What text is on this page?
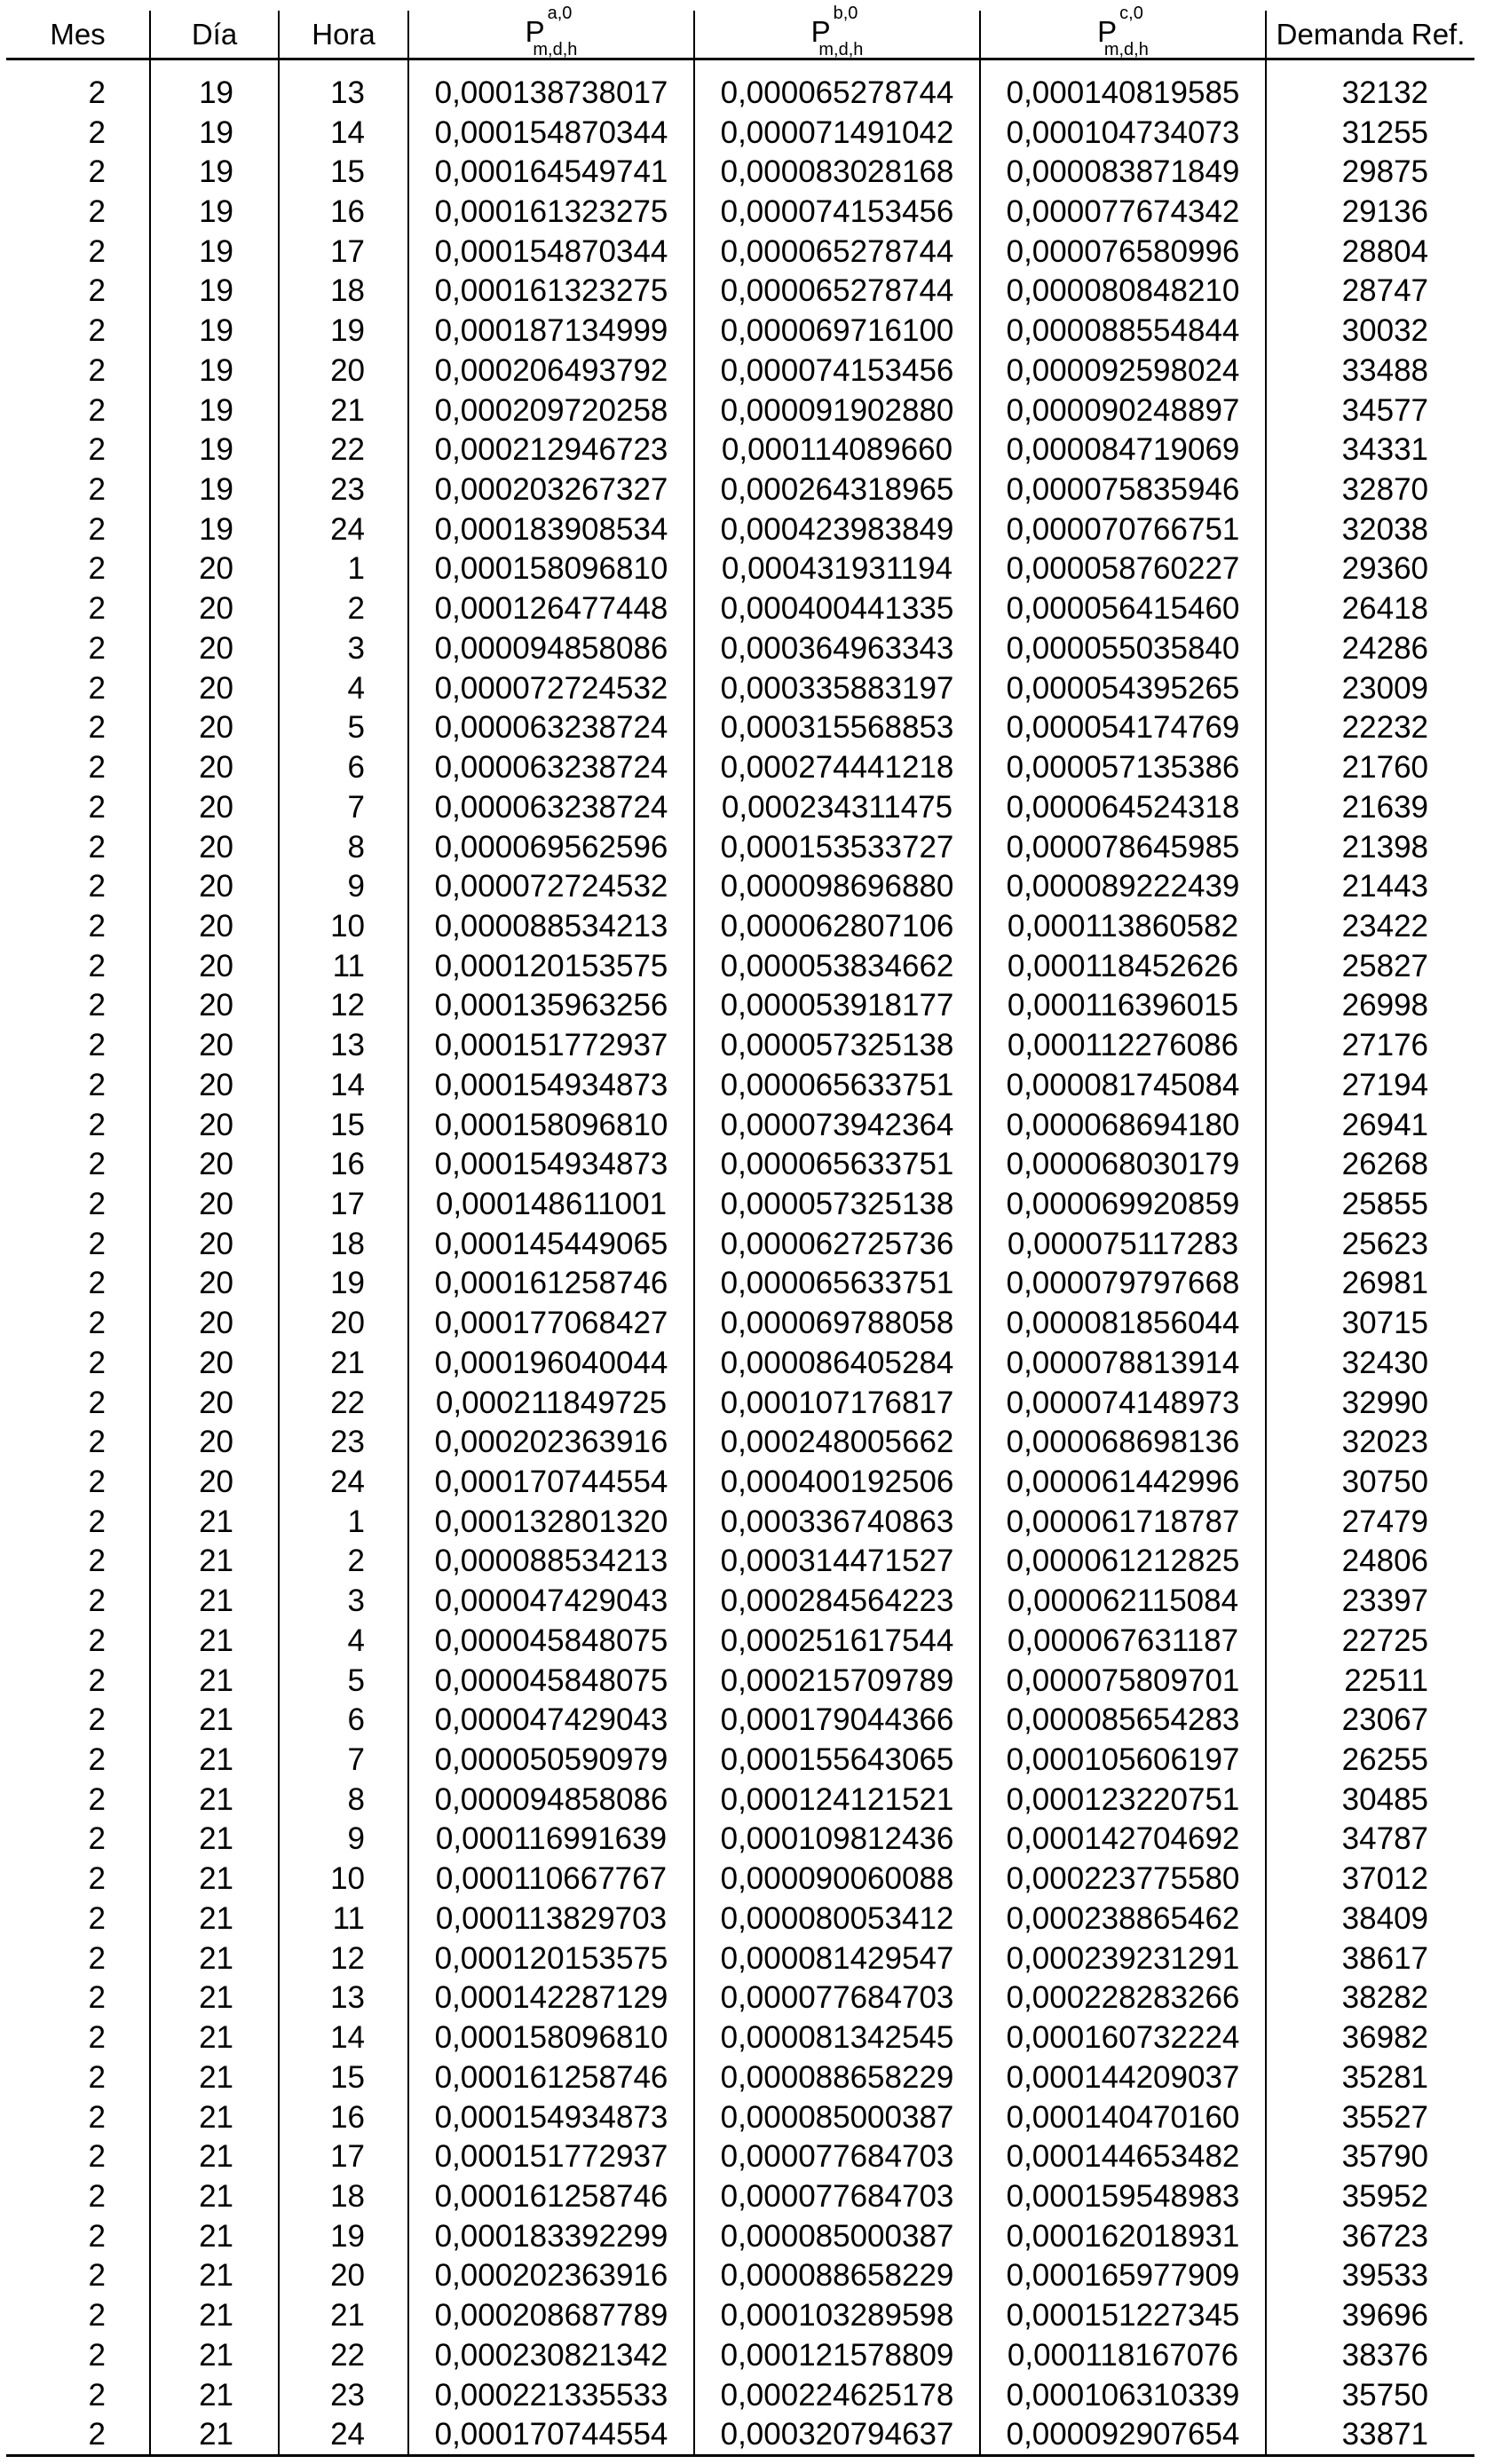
Mes	Día	Hora	P$^{a,0}_{m,d,h}$	P$^{b,0}_{m,d,h}$	P$^{c,0}_{m,d,h}$	Demanda Ref.

2	19	13	0,000138738017	0,000065278744	0,000140819585	32132
2	19	14	0,000154870344	0,000071491042	0,000104734073	31255
2	19	15	0,000164549741	0,000083028168	0,000083871849	29875
2	19	16	0,000161323275	0,000074153456	0,000077674342	29136
2	19	17	0,000154870344	0,000065278744	0,000076580996	28804
2	19	18	0,000161323275	0,000065278744	0,000080848210	28747
2	19	19	0,000187134999	0,000069716100	0,000088554844	30032
2	19	20	0,000206493792	0,000074153456	0,000092598024	33488
2	19	21	0,000209720258	0,000091902880	0,000090248897	34577
2	19	22	0,000212946723	0,000114089660	0,000084719069	34331
2	19	23	0,000203267327	0,000264318965	0,000075835946	32870
2	19	24	0,000183908534	0,000423983849	0,000070766751	32038
2	20	1	0,000158096810	0,000431931194	0,000058760227	29360
2	20	2	0,000126477448	0,000400441335	0,000056415460	26418
2	20	3	0,000094858086	0,000364963343	0,000055035840	24286
2	20	4	0,000072724532	0,000335883197	0,000054395265	23009
2	20	5	0,000063238724	0,000315568853	0,000054174769	22232
2	20	6	0,000063238724	0,000274441218	0,000057135386	21760
2	20	7	0,000063238724	0,000234311475	0,000064524318	21639
2	20	8	0,000069562596	0,000153533727	0,000078645985	21398
2	20	9	0,000072724532	0,000098696880	0,000089222439	21443
2	20	10	0,000088534213	0,000062807106	0,000113860582	23422
2	20	11	0,000120153575	0,000053834662	0,000118452626	25827
2	20	12	0,000135963256	0,000053918177	0,000116396015	26998
2	20	13	0,000151772937	0,000057325138	0,000112276086	27176
2	20	14	0,000154934873	0,000065633751	0,000081745084	27194
2	20	15	0,000158096810	0,000073942364	0,000068694180	26941
2	20	16	0,000154934873	0,000065633751	0,000068030179	26268
2	20	17	0,000148611001	0,000057325138	0,000069920859	25855
2	20	18	0,000145449065	0,000062725736	0,000075117283	25623
2	20	19	0,000161258746	0,000065633751	0,000079797668	26981
2	20	20	0,000177068427	0,000069788058	0,000081856044	30715
2	20	21	0,000196040044	0,000086405284	0,000078813914	32430
2	20	22	0,000211849725	0,000107176817	0,000074148973	32990
2	20	23	0,000202363916	0,000248005662	0,000068698136	32023
2	20	24	0,000170744554	0,000400192506	0,000061442996	30750
2	21	1	0,000132801320	0,000336740863	0,000061718787	27479
2	21	2	0,000088534213	0,000314471527	0,000061212825	24806
2	21	3	0,000047429043	0,000284564223	0,000062115084	23397
2	21	4	0,000045848075	0,000251617544	0,000067631187	22725
2	21	5	0,000045848075	0,000215709789	0,000075809701	22511
2	21	6	0,000047429043	0,000179044366	0,000085654283	23067
2	21	7	0,000050590979	0,000155643065	0,000105606197	26255
2	21	8	0,000094858086	0,000124121521	0,000123220751	30485
2	21	9	0,000116991639	0,000109812436	0,000142704692	34787
2	21	10	0,000110667767	0,000090060088	0,000223775580	37012
2	21	11	0,000113829703	0,000080053412	0,000238865462	38409
2	21	12	0,000120153575	0,000081429547	0,000239231291	38617
2	21	13	0,000142287129	0,000077684703	0,000228283266	38282
2	21	14	0,000158096810	0,000081342545	0,000160732224	36982
2	21	15	0,000161258746	0,000088658229	0,000144209037	35281
2	21	16	0,000154934873	0,000085000387	0,000140470160	35527
2	21	17	0,000151772937	0,000077684703	0,000144653482	35790
2	21	18	0,000161258746	0,000077684703	0,000159548983	35952
2	21	19	0,000183392299	0,000085000387	0,000162018931	36723
2	21	20	0,000202363916	0,000088658229	0,000165977909	39533
2	21	21	0,000208687789	0,000103289598	0,000151227345	39696
2	21	22	0,000230821342	0,000121578809	0,000118167076	38376
2	21	23	0,000221335533	0,000224625178	0,000106310339	35750
2	21	24	0,000170744554	0,000320794637	0,000092907654	33871
